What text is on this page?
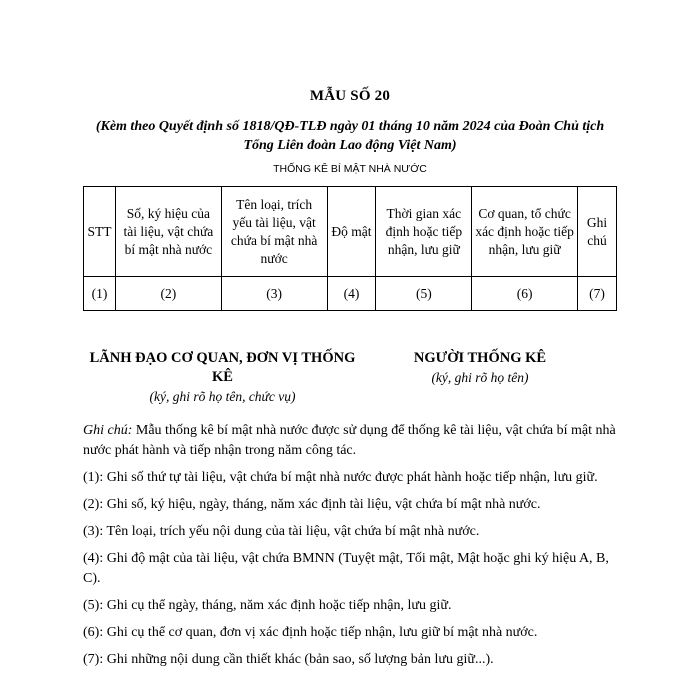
MẪU SỐ 20
(Kèm theo Quyết định số 1818/QĐ-TLĐ ngày 01 tháng 10 năm 2024 của Đoàn Chủ tịch Tổng Liên đoàn Lao động Việt Nam)
THỐNG KÊ BÍ MẬT NHÀ NƯỚC
STT	Số, ký hiệu của tài liệu, vật chứa bí mật nhà nước	Tên loại, trích yếu tài liệu, vật chứa bí mật nhà nước	Độ mật	Thời gian xác định hoặc tiếp nhận, lưu giữ	Cơ quan, tổ chức xác định hoặc tiếp nhận, lưu giữ	Ghi chú
(1)	(2)	(3)	(4)	(5)	(6)	(7)
LÃNH ĐẠO CƠ QUAN, ĐƠN VỊ THỐNG KÊ
(ký, ghi rõ họ tên, chức vụ)
NGƯỜI THỐNG KÊ
(ký, ghi rõ họ tên)

Ghi chú: Mẫu thống kê bí mật nhà nước được sử dụng để thống kê tài liệu, vật chứa bí mật nhà nước phát hành và tiếp nhận trong năm công tác.

(1): Ghi số thứ tự tài liệu, vật chứa bí mật nhà nước được phát hành hoặc tiếp nhận, lưu giữ.

(2): Ghi số, ký hiệu, ngày, tháng, năm xác định tài liệu, vật chứa bí mật nhà nước.

(3): Tên loại, trích yếu nội dung của tài liệu, vật chứa bí mật nhà nước.

(4): Ghi độ mật của tài liệu, vật chứa BMNN (Tuyệt mật, Tối mật, Mật hoặc ghi ký hiệu A, B, C).

(5): Ghi cụ thể ngày, tháng, năm xác định hoặc tiếp nhận, lưu giữ.

(6): Ghi cụ thể cơ quan, đơn vị xác định hoặc tiếp nhận, lưu giữ bí mật nhà nước.

(7): Ghi những nội dung cần thiết khác (bản sao, số lượng bản lưu giữ...).
